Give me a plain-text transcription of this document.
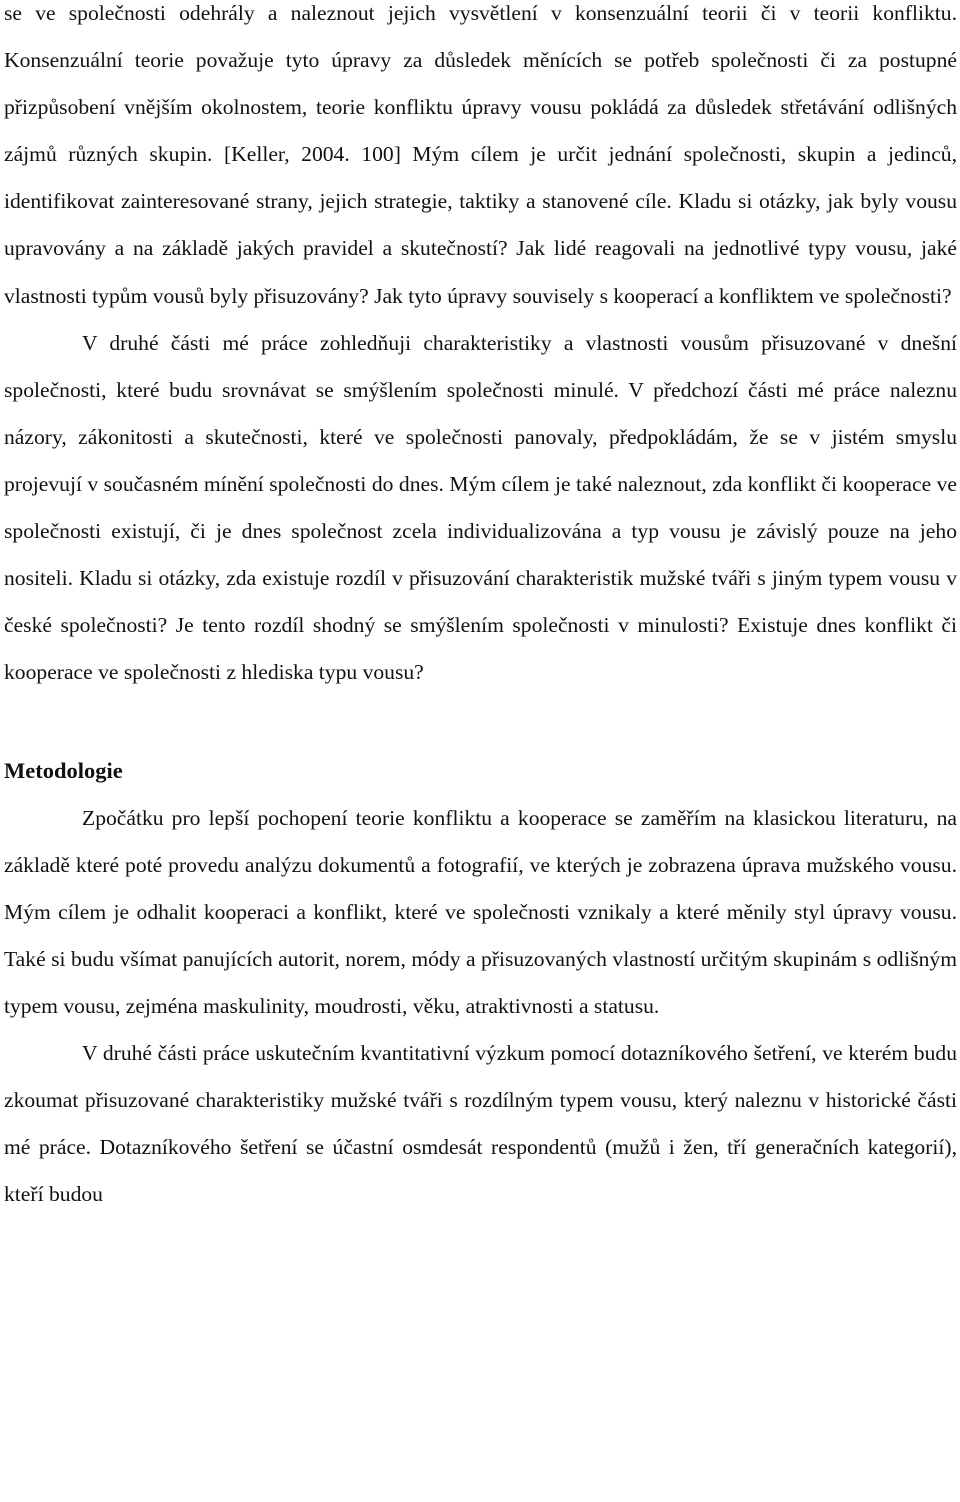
se ve společnosti odehrály a naleznout jejich vysvětlení v konsenzuální teorii či v teorii konfliktu. Konsenzuální teorie považuje tyto úpravy za důsledek měnících se potřeb společnosti či za postupné přizpůsobení vnějším okolnostem, teorie konfliktu úpravy vousu pokládá za důsledek střetávání odlišných zájmů různých skupin. [Keller, 2004. 100] Mým cílem je určit jednání společnosti, skupin a jedinců, identifikovat zainteresované strany, jejich strategie, taktiky a stanovené cíle. Kladu si otázky, jak byly vousu upravovány a na základě jakých pravidel a skutečností? Jak lidé reagovali na jednotlivé typy vousu, jaké vlastnosti typům vousů byly přisuzovány? Jak tyto úpravy souvisely s kooperací a konfliktem ve společnosti?

V druhé části mé práce zohledňuji charakteristiky a vlastnosti vousům přisuzované v dnešní společnosti, které budu srovnávat se smýšlením společnosti minulé. V předchozí části mé práce naleznu názory, zákonitosti a skutečnosti, které ve společnosti panovaly, předpokládám, že se v jistém smyslu projevují v současném mínění společnosti do dnes. Mým cílem je také naleznout, zda konflikt či kooperace ve společnosti existují, či je dnes společnost zcela individualizována a typ vousu je závislý pouze na jeho nositeli. Kladu si otázky, zda existuje rozdíl v přisuzování charakteristik mužské tváři s jiným typem vousu v české společnosti? Je tento rozdíl shodný se smýšlením společnosti v minulosti? Existuje dnes konflikt či kooperace ve společnosti z hlediska typu vousu?

Metodologie

Zpočátku pro lepší pochopení teorie konfliktu a kooperace se zaměřím na klasickou literaturu, na základě které poté provedu analýzu dokumentů a fotografií, ve kterých je zobrazena úprava mužského vousu. Mým cílem je odhalit kooperaci a konflikt, které ve společnosti vznikaly a které měnily styl úpravy vousu. Také si budu všímat panujících autorit, norem, módy a přisuzovaných vlastností určitým skupinám s odlišným typem vousu, zejména maskulinity, moudrosti, věku, atraktivnosti a statusu.

V druhé části práce uskutečním kvantitativní výzkum pomocí dotazníkového šetření, ve kterém budu zkoumat přisuzované charakteristiky mužské tváři s rozdílným typem vousu, který naleznu v historické části mé práce. Dotazníkového šetření se účastní osmdesát respondentů (mužů i žen, tří generačních kategorií), kteří budou
